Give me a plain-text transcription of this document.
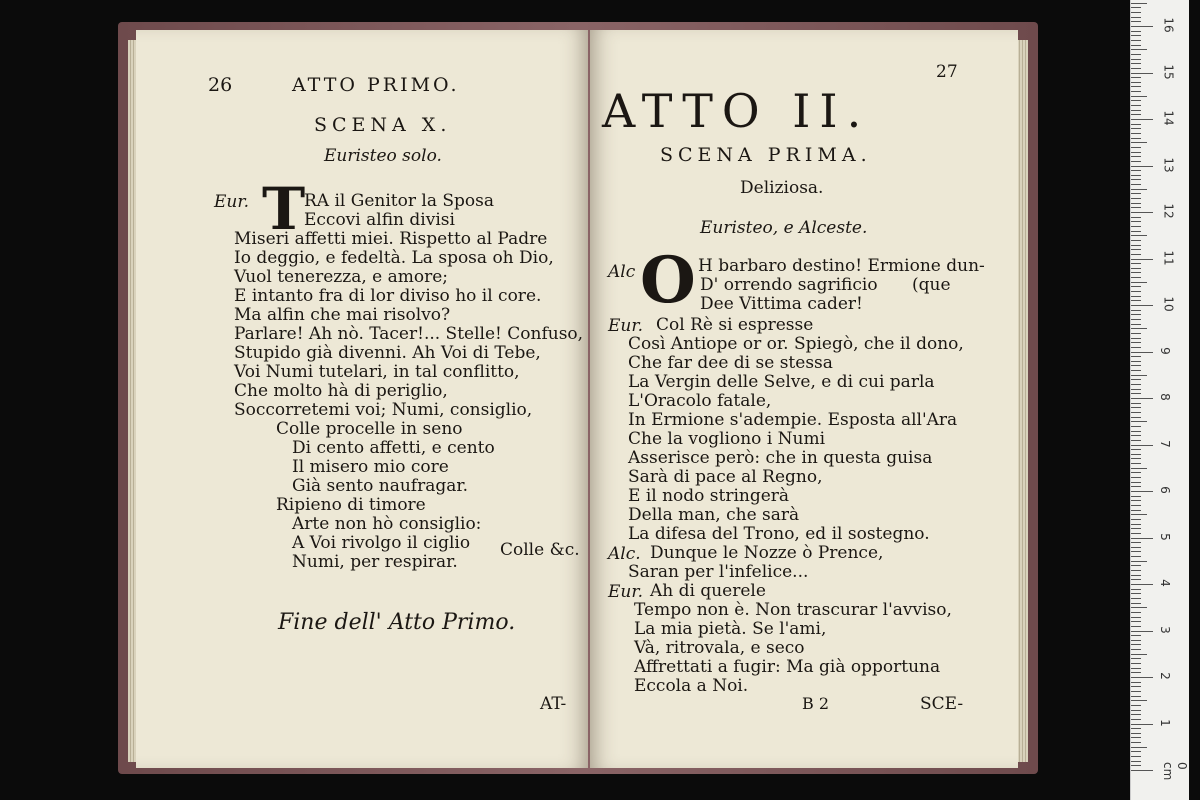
26	ATTO PRIMO.
SCENA X.
Euristeo solo.
Eur. T
RA il Genitor la Sposa
Eccovi alfin divisi
Miseri affetti miei. Rispetto al Padre
Io deggio, e fedeltà. La sposa oh Dio,
Vuol tenerezza, e amore;
E intanto fra di lor diviso ho il core.
Ma alfin che mai risolvo?
Parlare! Ah nò. Tacer!... Stelle! Confuso,
Stupido già divenni. Ah Voi di Tebe,
Voi Numi tutelari, in tal conflitto,
Che molto hà di periglio,
Soccorretemi voi; Numi, consiglio,
Colle procelle in seno
Di cento affetti, e cento
Il misero mio core
Già sento naufragar.
Ripieno di timore
Arte non hò consiglio:
A Voi rivolgo il ciglio
Numi, per respirar.
Colle &c.
Fine dell' Atto Primo.
AT-
27
ATTO II.
SCENA PRIMA.
Deliziosa.
Euristeo, e Alceste.
Alc O H barbaro destino! Ermione dun-
D' orrendo sagrificio
Dee Vittima cader!
(que
Eur. Col Rè si espresse
Così Antiope or or. Spiegò, che il dono,
Che far dee di se stessa
La Vergin delle Selve, e di cui parla
L'Oracolo fatale,
In Ermione s'adempie. Esposta all'Ara
Che la vogliono i Numi
Asserisce però: che in questa guisa
Sarà di pace al Regno,
E il nodo stringerà
Della man, che sarà
La difesa del Trono, ed il sostegno.
Alc. Dunque le Nozze ò Prence,
Saran per l'infelice...
Eur. Ah di querele
Tempo non è. Non trascurar l'avviso,
La mia pietà. Se l'ami,
Và, ritrovala, e seco
Affrettati a fugir: Ma già opportuna
Eccola a Noi.
B 2	SCE-
0 cm
1
2
3
4
5
6
7
8
9
10
11
12
13
14
15
16
